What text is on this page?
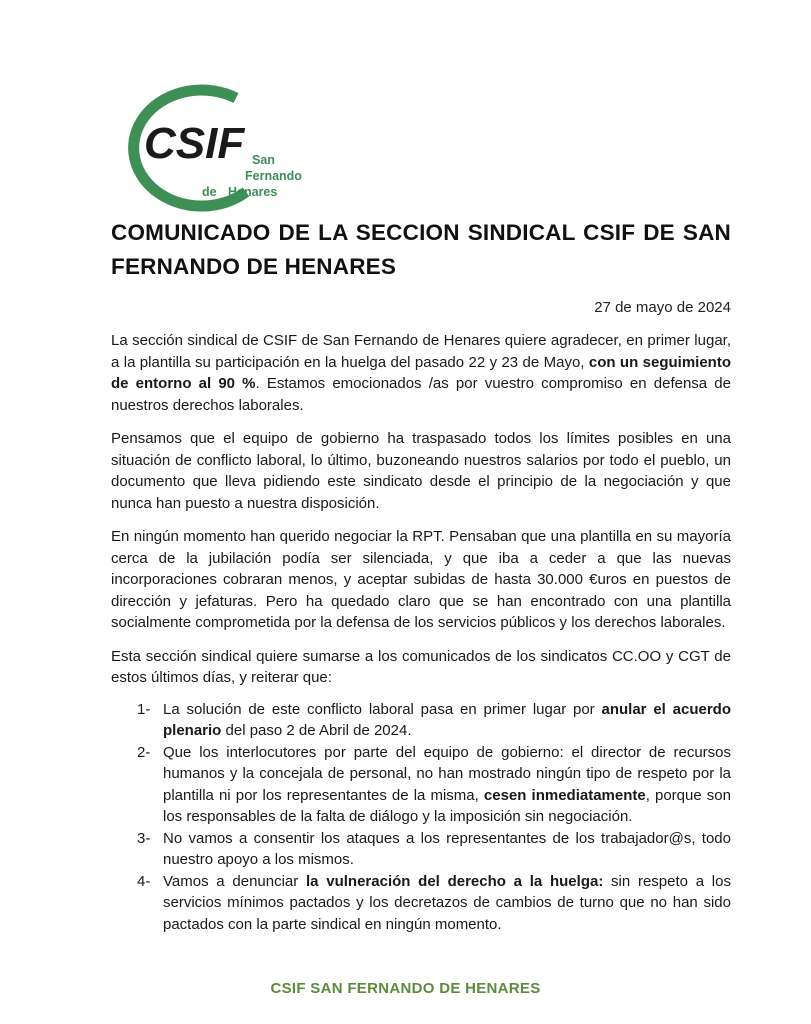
CSIF San
Fernando
de Henares
COMUNICADO DE LA SECCION SINDICAL CSIF DE SAN
FERNANDO DE HENARES
27 de mayo de 2024

La sección sindical de CSIF de San Fernando de Henares quiere agradecer, en primer lugar, a la plantilla su participación en la huelga del pasado 22 y 23 de Mayo, con un seguimiento de entorno al 90 %. Estamos emocionados /as por vuestro compromiso en defensa de nuestros derechos laborales.

Pensamos que el equipo de gobierno ha traspasado todos los límites posibles en una situación de conflicto laboral, lo último, buzoneando nuestros salarios por todo el pueblo, un documento que lleva pidiendo este sindicato desde el principio de la negociación y que nunca han puesto a nuestra disposición.

En ningún momento han querido negociar la RPT. Pensaban que una plantilla en su mayoría cerca de la jubilación podía ser silenciada, y que iba a ceder a que las nuevas incorporaciones cobraran menos, y aceptar subidas de hasta 30.000 €uros en puestos de dirección y jefaturas. Pero ha quedado claro que se han encontrado con una plantilla socialmente comprometida por la defensa de los servicios públicos y los derechos laborales.

Esta sección sindical quiere sumarse a los comunicados de los sindicatos CC.OO y CGT de estos últimos días, y reiterar que:

1- La solución de este conflicto laboral pasa en primer lugar por anular el acuerdo plenario del paso 2 de Abril de 2024.
2- Que los interlocutores por parte del equipo de gobierno: el director de recursos humanos y la concejala de personal, no han mostrado ningún tipo de respeto por la plantilla ni por los representantes de la misma, cesen inmediatamente, porque son los responsables de la falta de diálogo y la imposición sin negociación.
3- No vamos a consentir los ataques a los representantes de los trabajador@s, todo nuestro apoyo a los mismos.
4- Vamos a denunciar la vulneración del derecho a la huelga: sin respeto a los servicios mínimos pactados y los decretazos de cambios de turno que no han sido pactados con la parte sindical en ningún momento.
CSIF SAN FERNANDO DE HENARES
